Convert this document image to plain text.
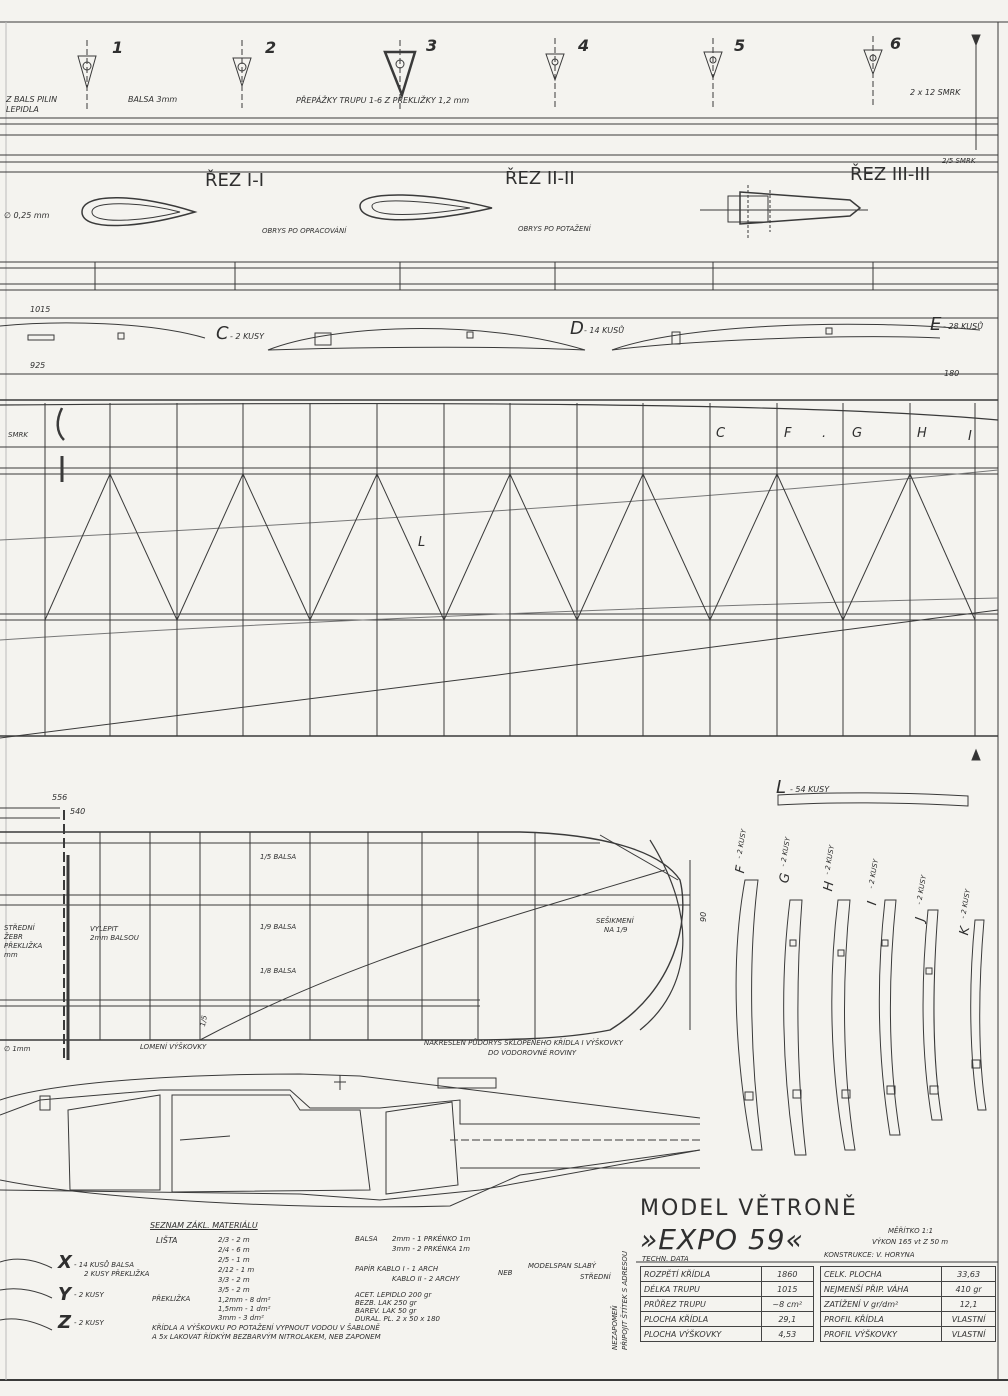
1	2	3	4	5	6
Z BALS PILIN
LEPIDLA
BALSA 3mm	PŘEPÁŽKY TRUPU 1-6 Z PŘEKLIŽKY 1,2 mm
2 x 12 SMRK
2/5 SMRK
∅ 0,25 mm
ŘEZ I-I	ŘEZ II-II	ŘEZ III-III
OBRYS PO OPRACOVÁNÍ	OBRYS PO POTAŽENÍ
1015
925
180
C - 2 KUSY	D - 14 KUSŮ	E - 28 KUSŮ
SMRK	C	F . G	H	I
L
556
540
90
STŘEDNÍ
ŽEBR
PŘEKLIŽKA
mm
VYLEPIT
2mm BALSOU
1/5 BALSA
1/9 BALSA
1/8 BALSA
1/5
SEŠIKMENÍ
NA 1/9
∅ 1mm	LOMENÍ VÝŠKOVKY	NAKRESLEN PŮDORYS SKLOPENÉHO KŘÍDLA I VÝŠKOVKY
DO VODOROVNÉ ROVINY
L - 54 KUSY
F
- 2 KUSY
G
- 2 KUSY
H
- 2 KUSY
I
- 2 KUSY
J
- 2 KUSY
K
- 2 KUSY
SEZNAM ZÁKL. MATERIÁLU
LIŠTA	2/3 - 2 m
2/4 - 6 m
2/5 - 1 m
2/12 - 1 m
3/3 - 2 m
3/5 - 2 m
PŘEKLIŽKA	1,2mm - 8 dm²
1,5mm - 1 dm²
3mm - 3 dm²
BALSA 2mm - 1 PRKÉNKO 1m
3mm - 2 PRKÉNKA 1m
PAPÍR KABLO I - 1 ARCH
KABLO II - 2 ARCHY
NEB
MODELSPAN SLABÝ
STŘEDNÍ
ACET. LEPIDLO 200 gr
BEZB. LAK 250 gr
BAREV. LAK 50 gr
DURAL. PL. 2 x 50 x 180
KŘÍDLA A VÝŠKOVKU PO POTAŽENÍ VYPNOUT VODOU V ŠABLONĚ
A 5x LAKOVAT ŘÍDKÝM BEZBARVÝM NITROLAKEM, NEB ZAPONEM
X - 14 KUSŮ BALSA
2 KUSY PŘEKLIŽKA
Y - 2 KUSY
Z - 2 KUSY	NEZAPOMEŇ PŘIPOJIT ŠTÍTEK S ADRESOU
MODEL VĚTRONĚ
»EXPO 59«	MĚŘÍTKO 1:1
VÝKON 165 vt Z 50 m
KONSTRUKCE: V. HORYNA
TECHN. DATA
ROZPĚTÍ KŘÍDLA	1860
DÉLKA TRUPU	1015
PRŮŘEZ TRUPU	~8 cm²
PLOCHA KŘÍDLA	29,1
PLOCHA VÝŠKOVKY	4,53
CELK. PLOCHA	33,63
NEJMENŠÍ PŘIP. VÁHA	410 gr
ZATÍŽENÍ V gr/dm²	12,1
PROFIL KŘÍDLA	VLASTNÍ
PROFIL VÝŠKOVKY	VLASTNÍ
